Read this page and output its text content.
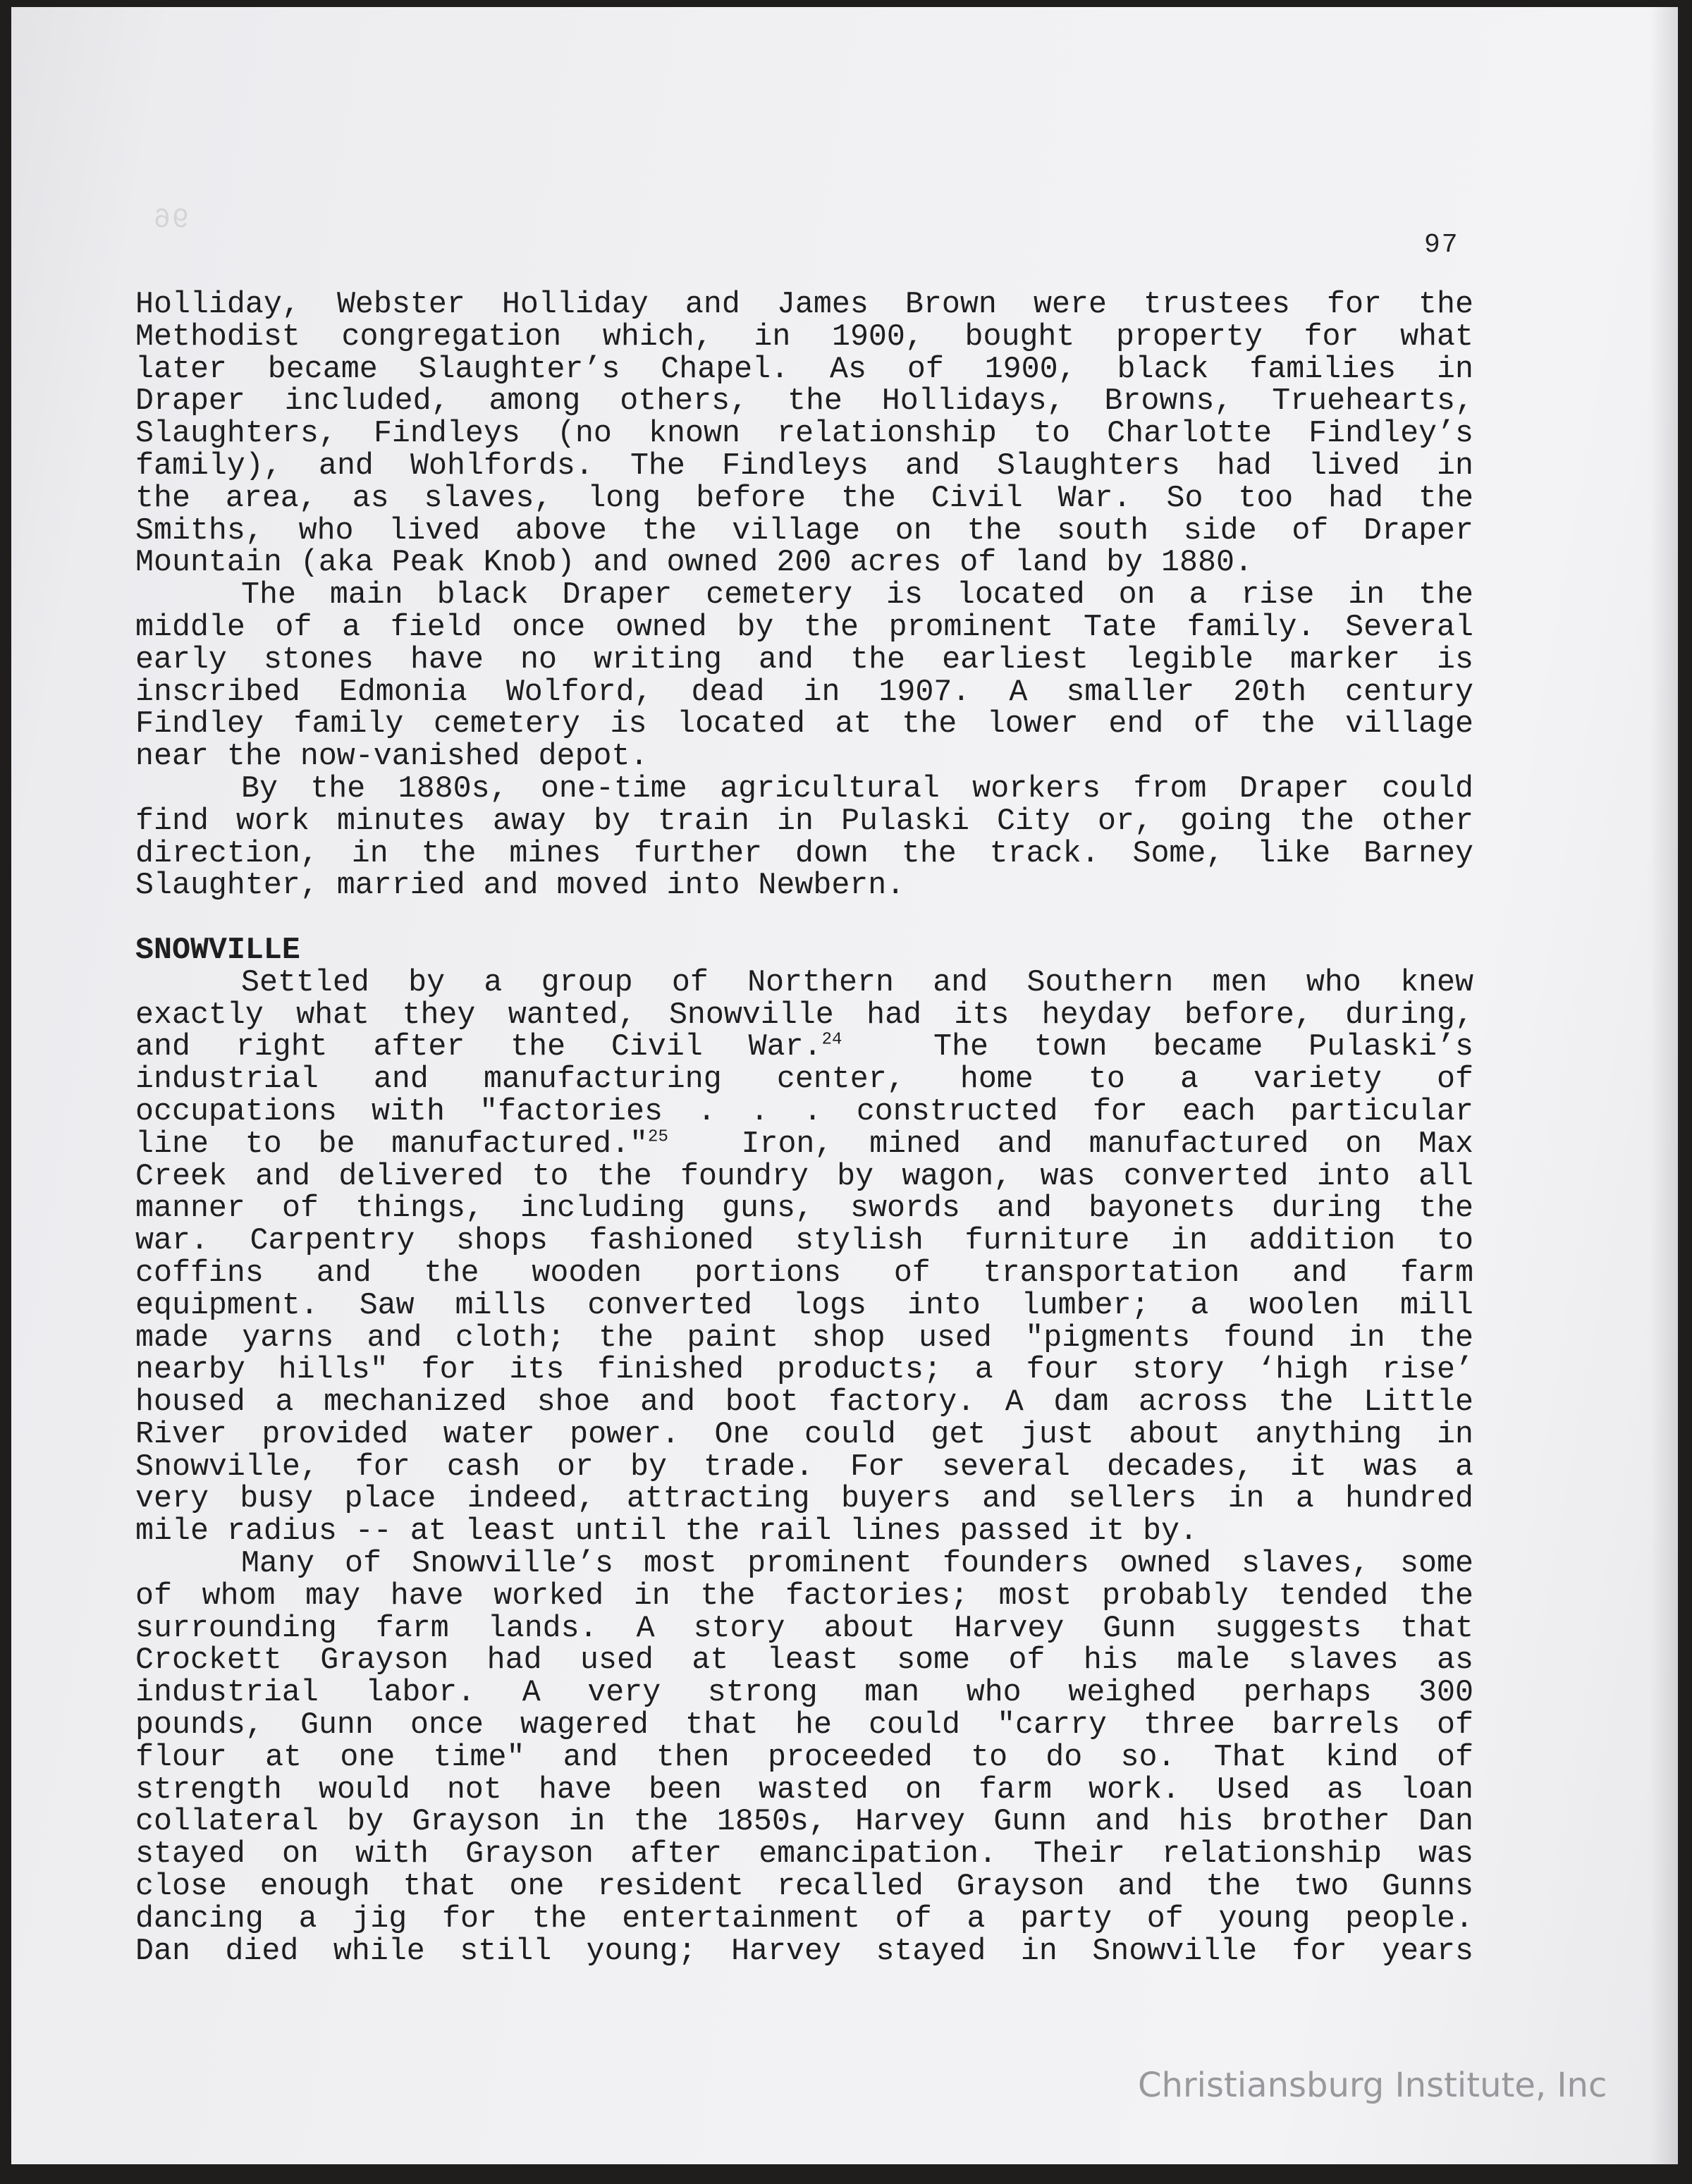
96
97
Holliday, Webster Holliday and James Brown were trustees for the
Methodist congregation which, in 1900, bought property for what
later became Slaughter’s Chapel. As of 1900, black families in
Draper included, among others, the Hollidays, Browns, Truehearts,
Slaughters, Findleys (no known relationship to Charlotte Findley’s
family), and Wohlfords. The Findleys and Slaughters had lived in
the area, as slaves, long before the Civil War. So too had the
Smiths, who lived above the village on the south side of Draper
Mountain (aka Peak Knob) and owned 200 acres of land by 1880.
The main black Draper cemetery is located on a rise in the
middle of a field once owned by the prominent Tate family. Several
early stones have no writing and the earliest legible marker is
inscribed Edmonia Wolford, dead in 1907. A smaller 20th century
Findley family cemetery is located at the lower end of the village
near the now-vanished depot.
By the 1880s, one-time agricultural workers from Draper could
find work minutes away by train in Pulaski City or, going the other
direction, in the mines further down the track. Some, like Barney
Slaughter, married and moved into Newbern.
SNOWVILLE
Settled by a group of Northern and Southern men who knew
exactly what they wanted, Snowville had its heyday before, during,
and right after the Civil War.$^{24}$  The town became Pulaski’s
industrial and manufacturing center, home to a variety of
occupations with "factories . . . constructed for each particular
line to be manufactured."$^{25}$  Iron, mined and manufactured on Max
Creek and delivered to the foundry by wagon, was converted into all
manner of things, including guns, swords and bayonets during the
war. Carpentry shops fashioned stylish furniture in addition to
coffins and the wooden portions of transportation and farm
equipment. Saw mills converted logs into lumber; a woolen mill
made yarns and cloth; the paint shop used "pigments found in the
nearby hills" for its finished products; a four story ‘high rise’
housed a mechanized shoe and boot factory. A dam across the Little
River provided water power. One could get just about anything in
Snowville, for cash or by trade. For several decades, it was a
very busy place indeed, attracting buyers and sellers in a hundred
mile radius -- at least until the rail lines passed it by.
Many of Snowville’s most prominent founders owned slaves, some
of whom may have worked in the factories; most probably tended the
surrounding farm lands. A story about Harvey Gunn suggests that
Crockett Grayson had used at least some of his male slaves as
industrial labor. A very strong man who weighed perhaps 300
pounds, Gunn once wagered that he could "carry three barrels of
flour at one time" and then proceeded to do so. That kind of
strength would not have been wasted on farm work. Used as loan
collateral by Grayson in the 1850s, Harvey Gunn and his brother Dan
stayed on with Grayson after emancipation. Their relationship was
close enough that one resident recalled Grayson and the two Gunns
dancing a jig for the entertainment of a party of young people.
Dan died while still young; Harvey stayed in Snowville for years
Christiansburg Institute, Inc
